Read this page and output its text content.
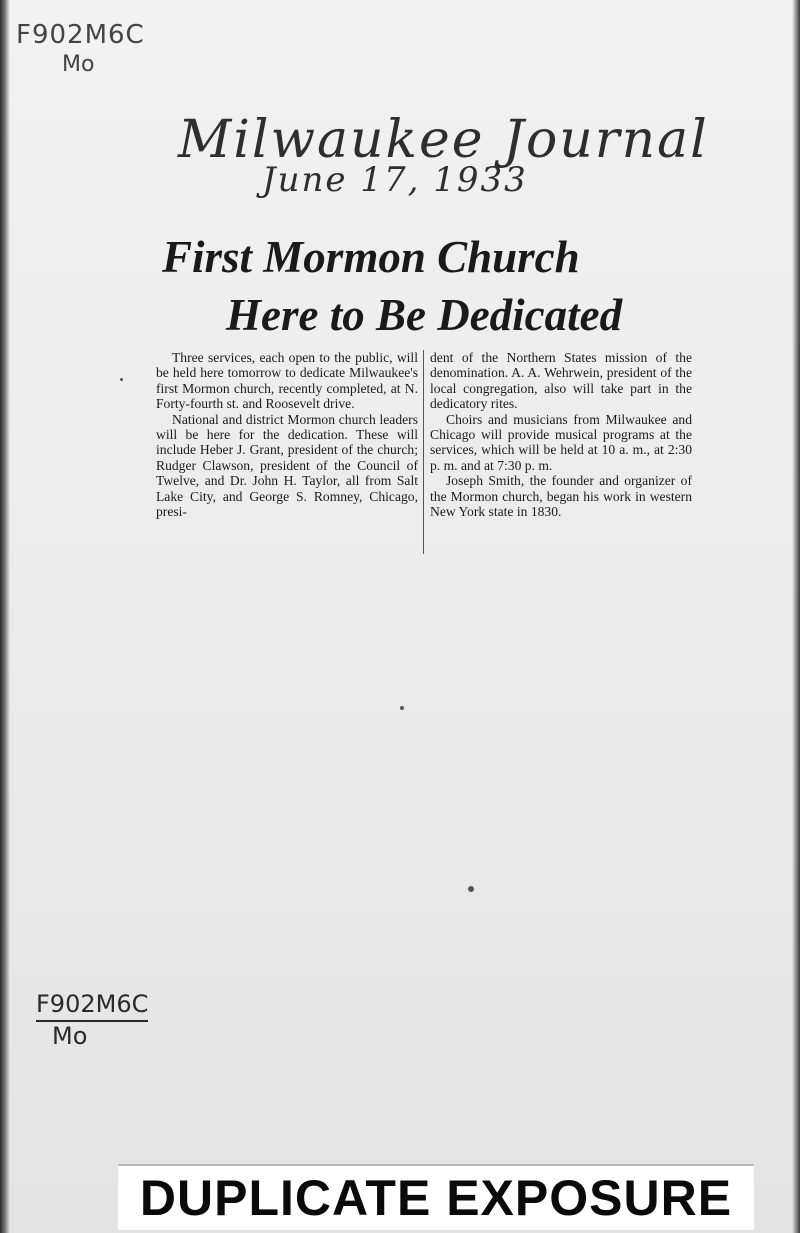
F902M6C
Mo
Milwaukee Journal
June 17, 1933
First Mormon Church
Here to Be Dedicated

Three services, each open to the public, will be held here tomorrow to dedicate Milwaukee's first Mormon church, recently completed, at N. Forty-fourth st. and Roosevelt drive.

National and district Mormon church leaders will be here for the dedication. These will include Heber J. Grant, president of the church; Rudger Clawson, president of the Council of Twelve, and Dr. John H. Taylor, all from Salt Lake City, and George S. Romney, Chicago, presi-

dent of the Northern States mission of the denomination. A. A. Wehrwein, president of the local congregation, also will take part in the dedicatory rites.

Choirs and musicians from Milwaukee and Chicago will provide musical programs at the services, which will be held at 10 a. m., at 2:30 p. m. and at 7:30 p. m.

Joseph Smith, the founder and organizer of the Mormon church, began his work in western New York state in 1830.

F902M6C
Mo
DUPLICATE EXPOSURE
